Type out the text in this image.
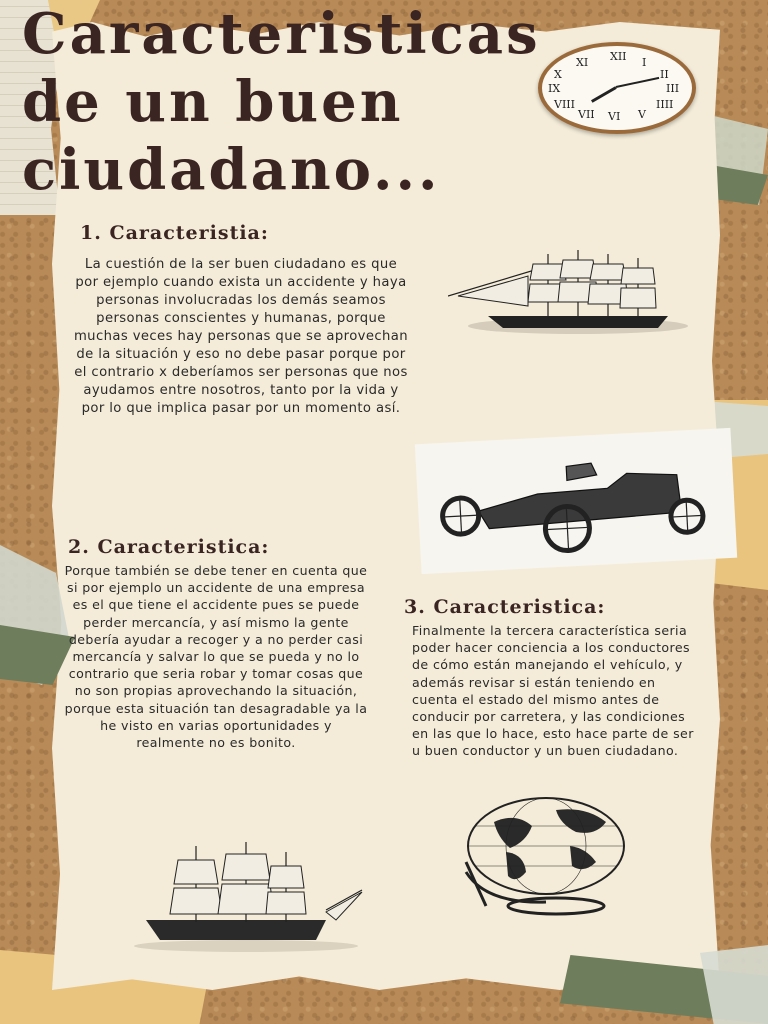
Caracteristicas
de un buen
ciudadano...
XII I
II
III
IIII
V
VI
VII
VIII
IX
X
XI
1. Caracteristia:
La cuestión de la ser buen ciudadano es que por ejemplo cuando exista un accidente y haya personas involucradas los demás seamos personas conscientes y humanas, porque muchas veces hay personas que se aprovechan de la situación y eso no debe pasar porque por el contrario x deberíamos ser personas que nos ayudamos entre nosotros, tanto por la vida y por lo que implica pasar por un momento así.
2. Caracteristica:
Porque también se debe tener en cuenta que si por ejemplo un accidente de una empresa es el que tiene el accidente pues se puede perder mercancía, y así mismo la gente debería ayudar a recoger y a no perder casi mercancía y salvar lo que se pueda y no lo contrario que seria robar y tomar cosas que no son propias aprovechando la situación, porque esta situación tan desagradable ya la he visto en varias oportunidades y realmente no es bonito.
3. Caracteristica:
Finalmente la tercera característica seria poder hacer conciencia a los conductores de cómo están manejando el vehículo, y además revisar si están teniendo en cuenta el estado del mismo antes de conducir por carretera, y las condiciones en las que lo hace, esto hace parte de ser u buen conductor y un buen ciudadano.
